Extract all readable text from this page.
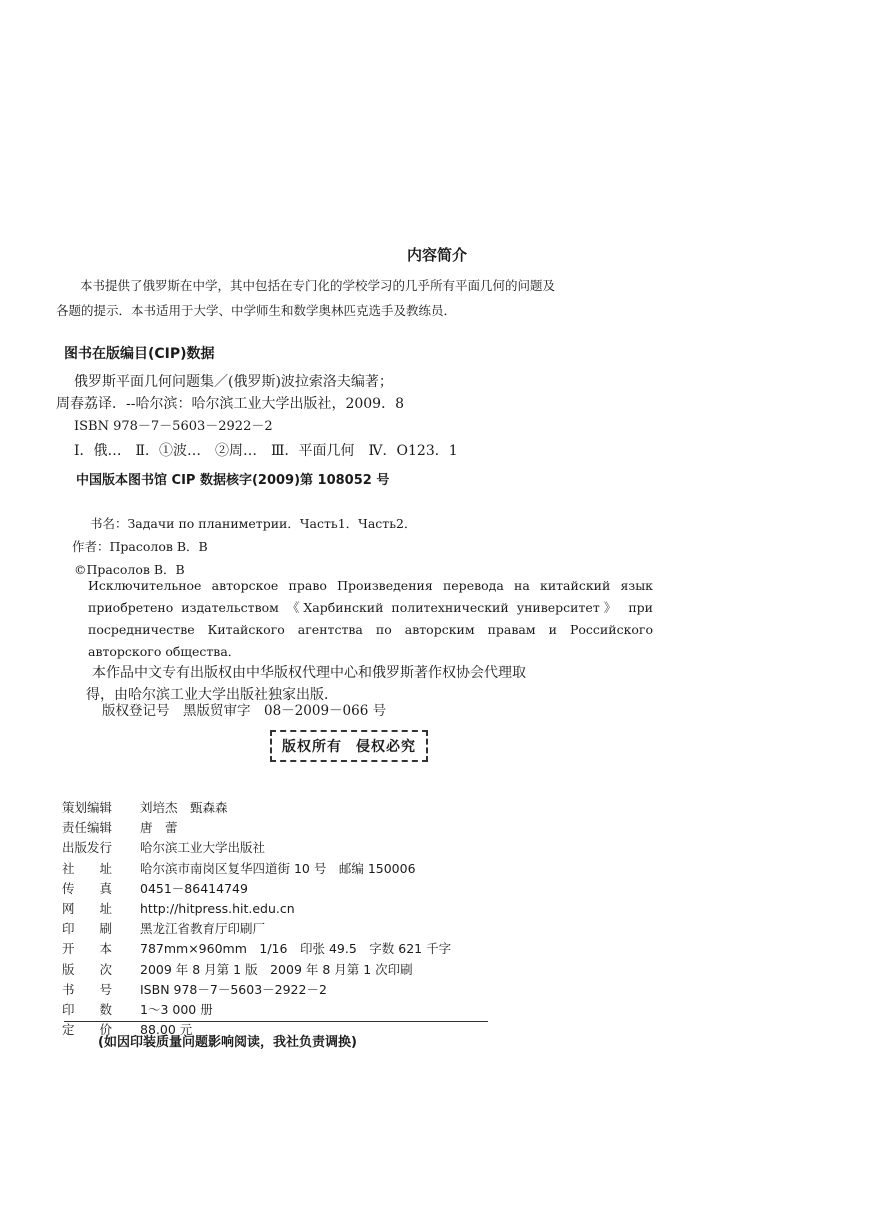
内容简介
本书提供了俄罗斯在中学，其中包括在专门化的学校学习的几乎所有平面几何的问题及
各题的提示．本书适用于大学、中学师生和数学奥林匹克选手及教练员．
图书在版编目(CIP)数据
俄罗斯平面几何问题集／(俄罗斯)波拉索洛夫编著；
周春荔译．--哈尔滨：哈尔滨工业大学出版社，2009．8
ISBN 978－7－5603－2922－2
Ⅰ．俄…　Ⅱ．①波…　②周…　Ⅲ．平面几何　Ⅳ．O123．1
中国版本图书馆 CIP 数据核字(2009)第 108052 号
书名：Задачи по планиметрии．Часть1．Часть2．
作者：Прасолов В．В
©Прасолов В．В
Исключительное авторское право Произведения перевода на китайский язык приобретено издательством 《Харбинский политехнический университет》 при посредничестве Китайского агентства по авторским правам и Российского авторского общества．
本作品中文专有出版权由中华版权代理中心和俄罗斯著作权协会代理取
得，由哈尔滨工业大学出版社独家出版．
版权登记号　黑版贸审字　08－2009－066 号
版权所有 侵权必究
策划编辑	刘培杰　甄森森
责任编辑	唐　蕾
出版发行	哈尔滨工业大学出版社
社　　址	哈尔滨市南岗区复华四道街 10 号　邮编 150006
传　　真	0451－86414749
网　　址	http://hitpress.hit.edu.cn
印　　刷	黑龙江省教育厅印刷厂
开　　本	787mm×960mm　1/16　印张 49.5　字数 621 千字
版　　次	2009 年 8 月第 1 版　2009 年 8 月第 1 次印刷
书　　号	ISBN 978－7－5603－2922－2
印　　数	1～3 000 册
定　　价	88.00 元
(如因印装质量问题影响阅读，我社负责调换)
